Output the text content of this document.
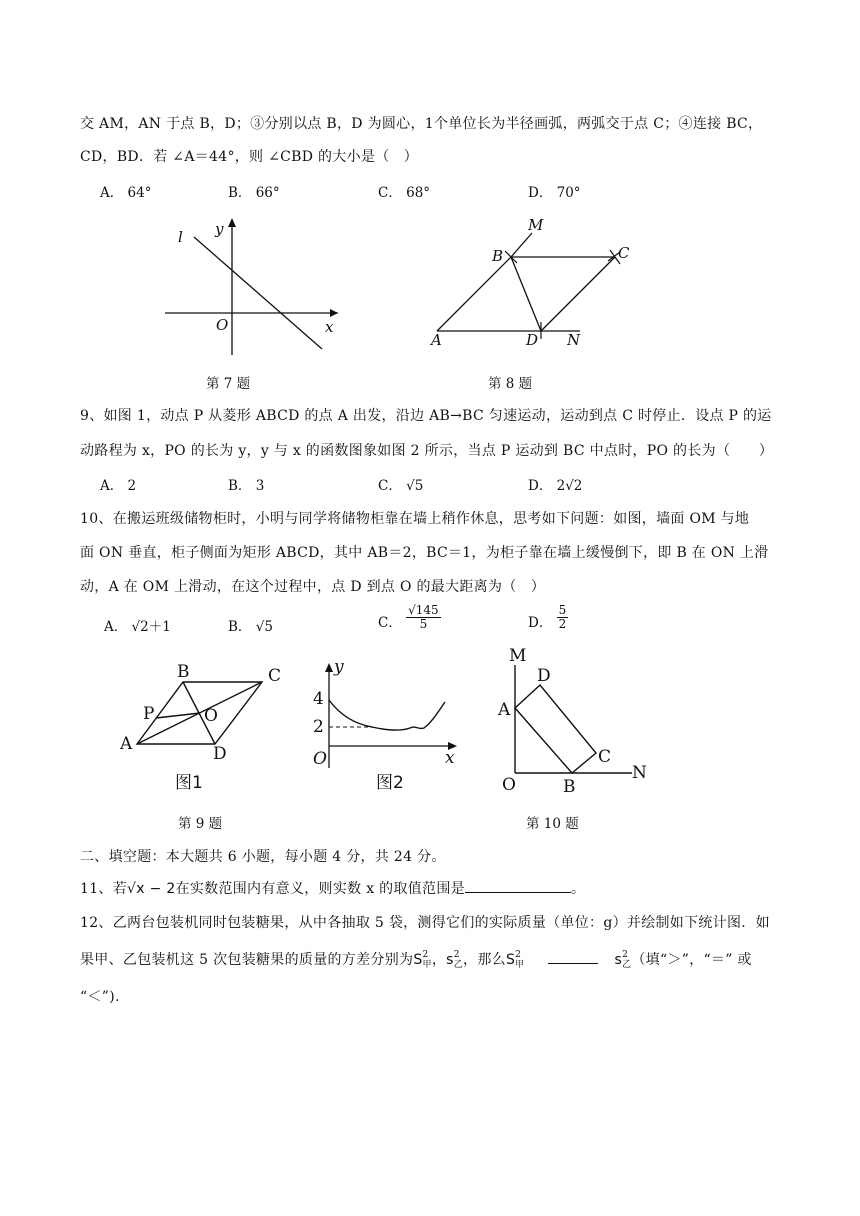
交 AM，AN 于点 B，D；③分别以点 B，D 为圆心，1个单位长为半径画弧，两弧交于点 C；④连接 BC，
CD，BD．若 ∠A＝44°，则 ∠CBD 的大小是（　）
A． 64°	B． 66°	C． 68°	D． 70°
l y
O	x
第 7 题
M
B	C
A	D N
第 8 题
9、如图 1，动点 P 从菱形 ABCD 的点 A 出发，沿边 AB→BC 匀速运动，运动到点 C 时停止．设点 P 的运
动路程为 x，PO 的长为 y，y 与 x 的函数图象如图 2 所示，当点 P 运动到 BC 中点时，PO 的长为（　　）
A． 2	B． 3	C． √5	D． 2√2
10、在搬运班级储物柜时，小明与同学将储物柜靠在墙上稍作休息，思考如下问题：如图，墙面 OM 与地
面 ON 垂直，柜子侧面为矩形 ABCD，其中 AB＝2，BC＝1，为柜子靠在墙上缓慢倒下，即 B 在 ON 上滑
动，A 在 OM 上滑动，在这个过程中，点 D 到点 O 的最大距离为（　）
A． √2＋1	B． √5	C． $\frac{√145}{5}$	D． $\frac{5}{2}$
B	C
P	O
A	D
图1
y
4
2
O	x
图2
第 9 题
M
D
A
C
O	B
N
第 10 题
二、填空题：本大题共 6 小题，每小题 4 分，共 24 分。
11、若√x − 2在实数范围内有意义，则实数 x 的取值范围是	。
12、乙两台包装机同时包装糖果，从中各抽取 5 袋，测得它们的实际质量（单位：g）并绘制如下统计图．如
果甲、乙包装机这 5 次包装糖果的质量的方差分别为S 2
甲 ，s 2
乙 ，那么S 2
甲	s 2
乙 （填“＞”，“＝” 或
“＜”).
